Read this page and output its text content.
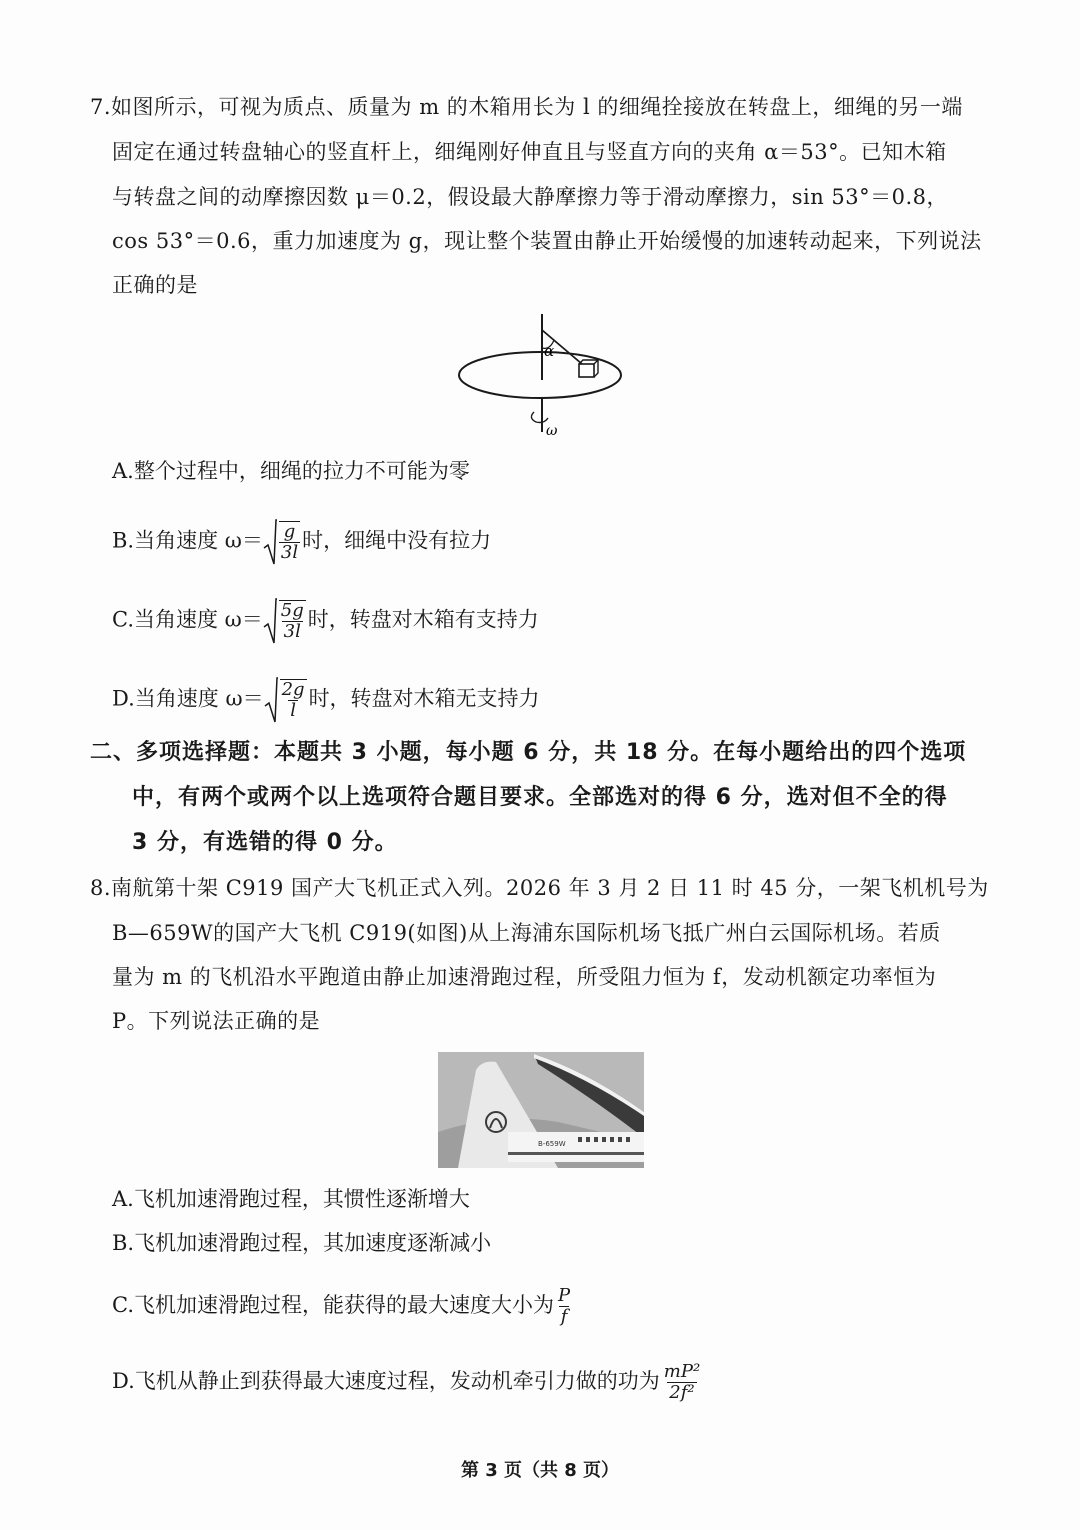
7.如图所示，可视为质点、质量为 m 的木箱用长为 l 的细绳拴接放在转盘上，细绳的另一端
固定在通过转盘轴心的竖直杆上，细绳刚好伸直且与竖直方向的夹角 α＝53°。已知木箱
与转盘之间的动摩擦因数 μ＝0.2，假设最大静摩擦力等于滑动摩擦力，sin 53°＝0.8，
cos 53°＝0.6，重力加速度为 g，现让整个装置由静止开始缓慢的加速转动起来，下列说法
正确的是
α
ω
A.整个过程中，细绳的拉力不可能为零
B.当角速度 $\omega= \frac{g}{3l}$ 时，细绳中没有拉力
C.当角速度 $\omega= \frac{5g}{3l}$ 时，转盘对木箱有支持力
D.当角速度 $\omega= \frac{2g}{l}$ 时，转盘对木箱无支持力
二、多项选择题：本题共 3 小题，每小题 6 分，共 18 分。在每小题给出的四个选项
中，有两个或两个以上选项符合题目要求。全部选对的得 6 分，选对但不全的得
3 分，有选错的得 0 分。
8.南航第十架 C919 国产大飞机正式入列。2026 年 3 月 2 日 11 时 45 分，一架飞机机号为
B—659W的国产大飞机 C919(如图)从上海浦东国际机场飞抵广州白云国际机场。若质
量为 m 的飞机沿水平跑道由静止加速滑跑过程，所受阻力恒为 f，发动机额定功率恒为
P。下列说法正确的是
B-659W
A.飞机加速滑跑过程，其惯性逐渐增大
B.飞机加速滑跑过程，其加速度逐渐减小
C.飞机加速滑跑过程，能获得的最大速度大小为 $\frac{P}{f}$
D.飞机从静止到获得最大速度过程，发动机牵引力做的功为 $\frac{\text{mP²}}{\text{2f²}}$
第 3 页（共 8 页）
